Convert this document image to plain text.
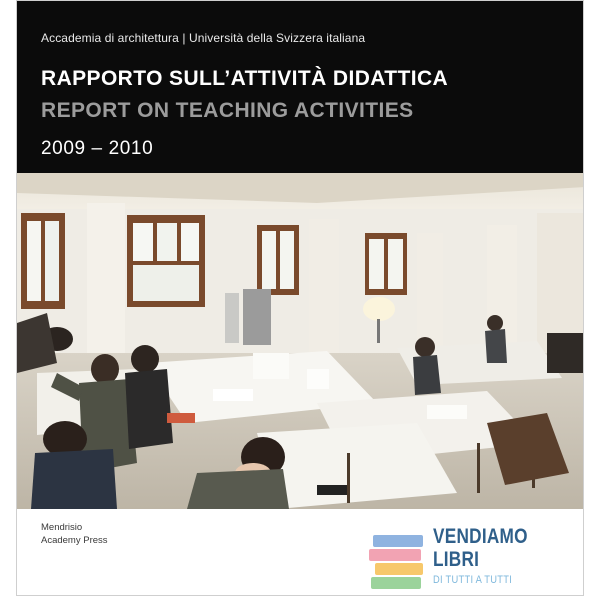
Accademia di architettura | Università della Svizzera italiana
RAPPORTO SULL’ATTIVITÀ DIDATTICA
REPORT ON TEACHING ACTIVITIES
2009 – 2010
Mendrisio
Academy Press	VENDIAMO
LIBRI
DI TUTTI A TUTTI
